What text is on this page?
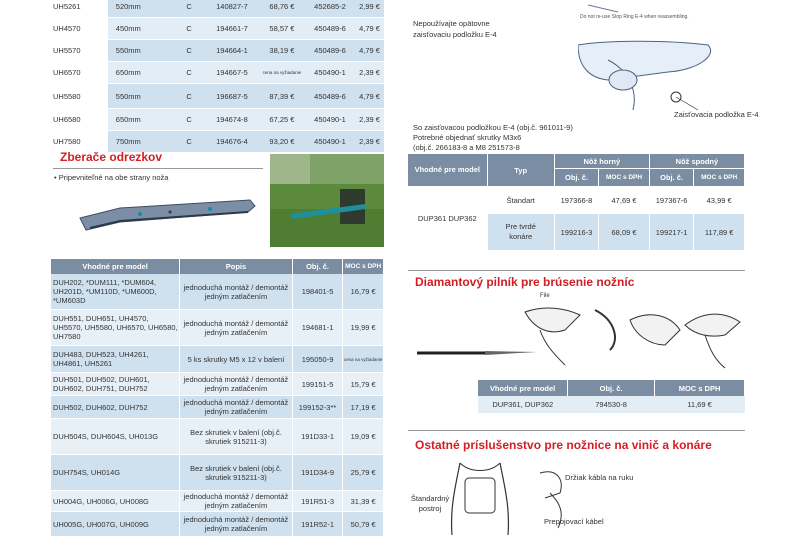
UH5261	520mm	C	140827-7	68,76 €	452685-2	2,99 €
UH4570	450mm	C	194661-7	58,57 €	450489-6	4,79 €
UH5570	550mm	C	194664-1	38,19 €	450489-6	4,79 €
UH6570	650mm	C	194667-5	cena na vyžiadanie	450490-1	2,39 €
UH5580	550mm	C	196687-5	87,39 €	450489-6	4,79 €
UH6580	650mm	C	194674-8	67,25 €	450490-1	2,39 €
UH7580	750mm	C	194676-4	93,20 €	450490-1	2,39 €
Zberače odrezkov
• Pripevniteľné na obe strany noža
Vhodné pre model	Popis	Obj. č.	MOC s DPH
DUH202, *DUM111, *DUM604, UH201D, *UM110D, *UM600D, *UM603D	jednoduchá montáž / demontáž jedným zatlačením	198401-5	16,79 €
DUH551, DUH651, UH4570, UH5570, UH5580, UH6570, UH6580, UH7580	jednoduchá montáž / demontáž jedným zatlačením	194681-1	19,99 €
DUH483, DUH523, UH4261, UH4861, UH5261	5 ks skrutky M5 x 12 v balení	195050-9	cena na vyžiadanie
DUH501, DUH502, DUH601, DUH602, DUH751, DUH752	jednoduchá montáž / demontáž jedným zatlačením	199151-5	15,79 €
DUH502, DUH602, DUH752	jednoduchá montáž / demontáž jedným zatlačením	199152-3**	17,19 €
DUH504S, DUH604S, UH013G	Bez skrutiek v balení (obj.č. skrutiek 915211-3)	191D33-1	19,09 €
DUH754S, UH014G	Bez skrutiek v balení (obj.č. skrutiek 915211-3)	191D34-9	25,79 €
UH004G, UH006G, UH008G	jednoduchá montáž / demontáž jedným zatlačením	191R51-3	31,39 €
UH005G, UH007G, UH009G	jednoduchá montáž / demontáž jedným zatlačením	191R52-1	50,79 €
Nepoužívajte opätovne zaisťovaciu podložku E-4
Do not re-use Stop Ring E-4 when reassembling.
Zaisťovacia podložka E-4
So zaisťovacou podložkou E-4 (obj.č. 961011-9)
Potrebné objednať skrutky M3x6
(obj.č. 266183-8 a M8 251573-8
Vhodné pre model	Typ	Nôž horný		Nôž spodný	
		Obj. č.	MOC s DPH	Obj. č.	MOC s DPH
DUP361 DUP362	Štandart	197366-8	47,69 €	197367-6	43,99 €
	Pre tvrdé konáre	199216-3	68,09 €	199217-1	117,89 €
Diamantový pilník pre brúsenie nožníc
File
Vhodné pre model	Obj. č.	MOC s DPH
DUP361, DUP362	794530-8	11,69 €
Ostatné príslušenstvo pre nožnice na vinič a konáre
Štandardný postroj
Držiak kábla na ruku
Prepojovací kábel
